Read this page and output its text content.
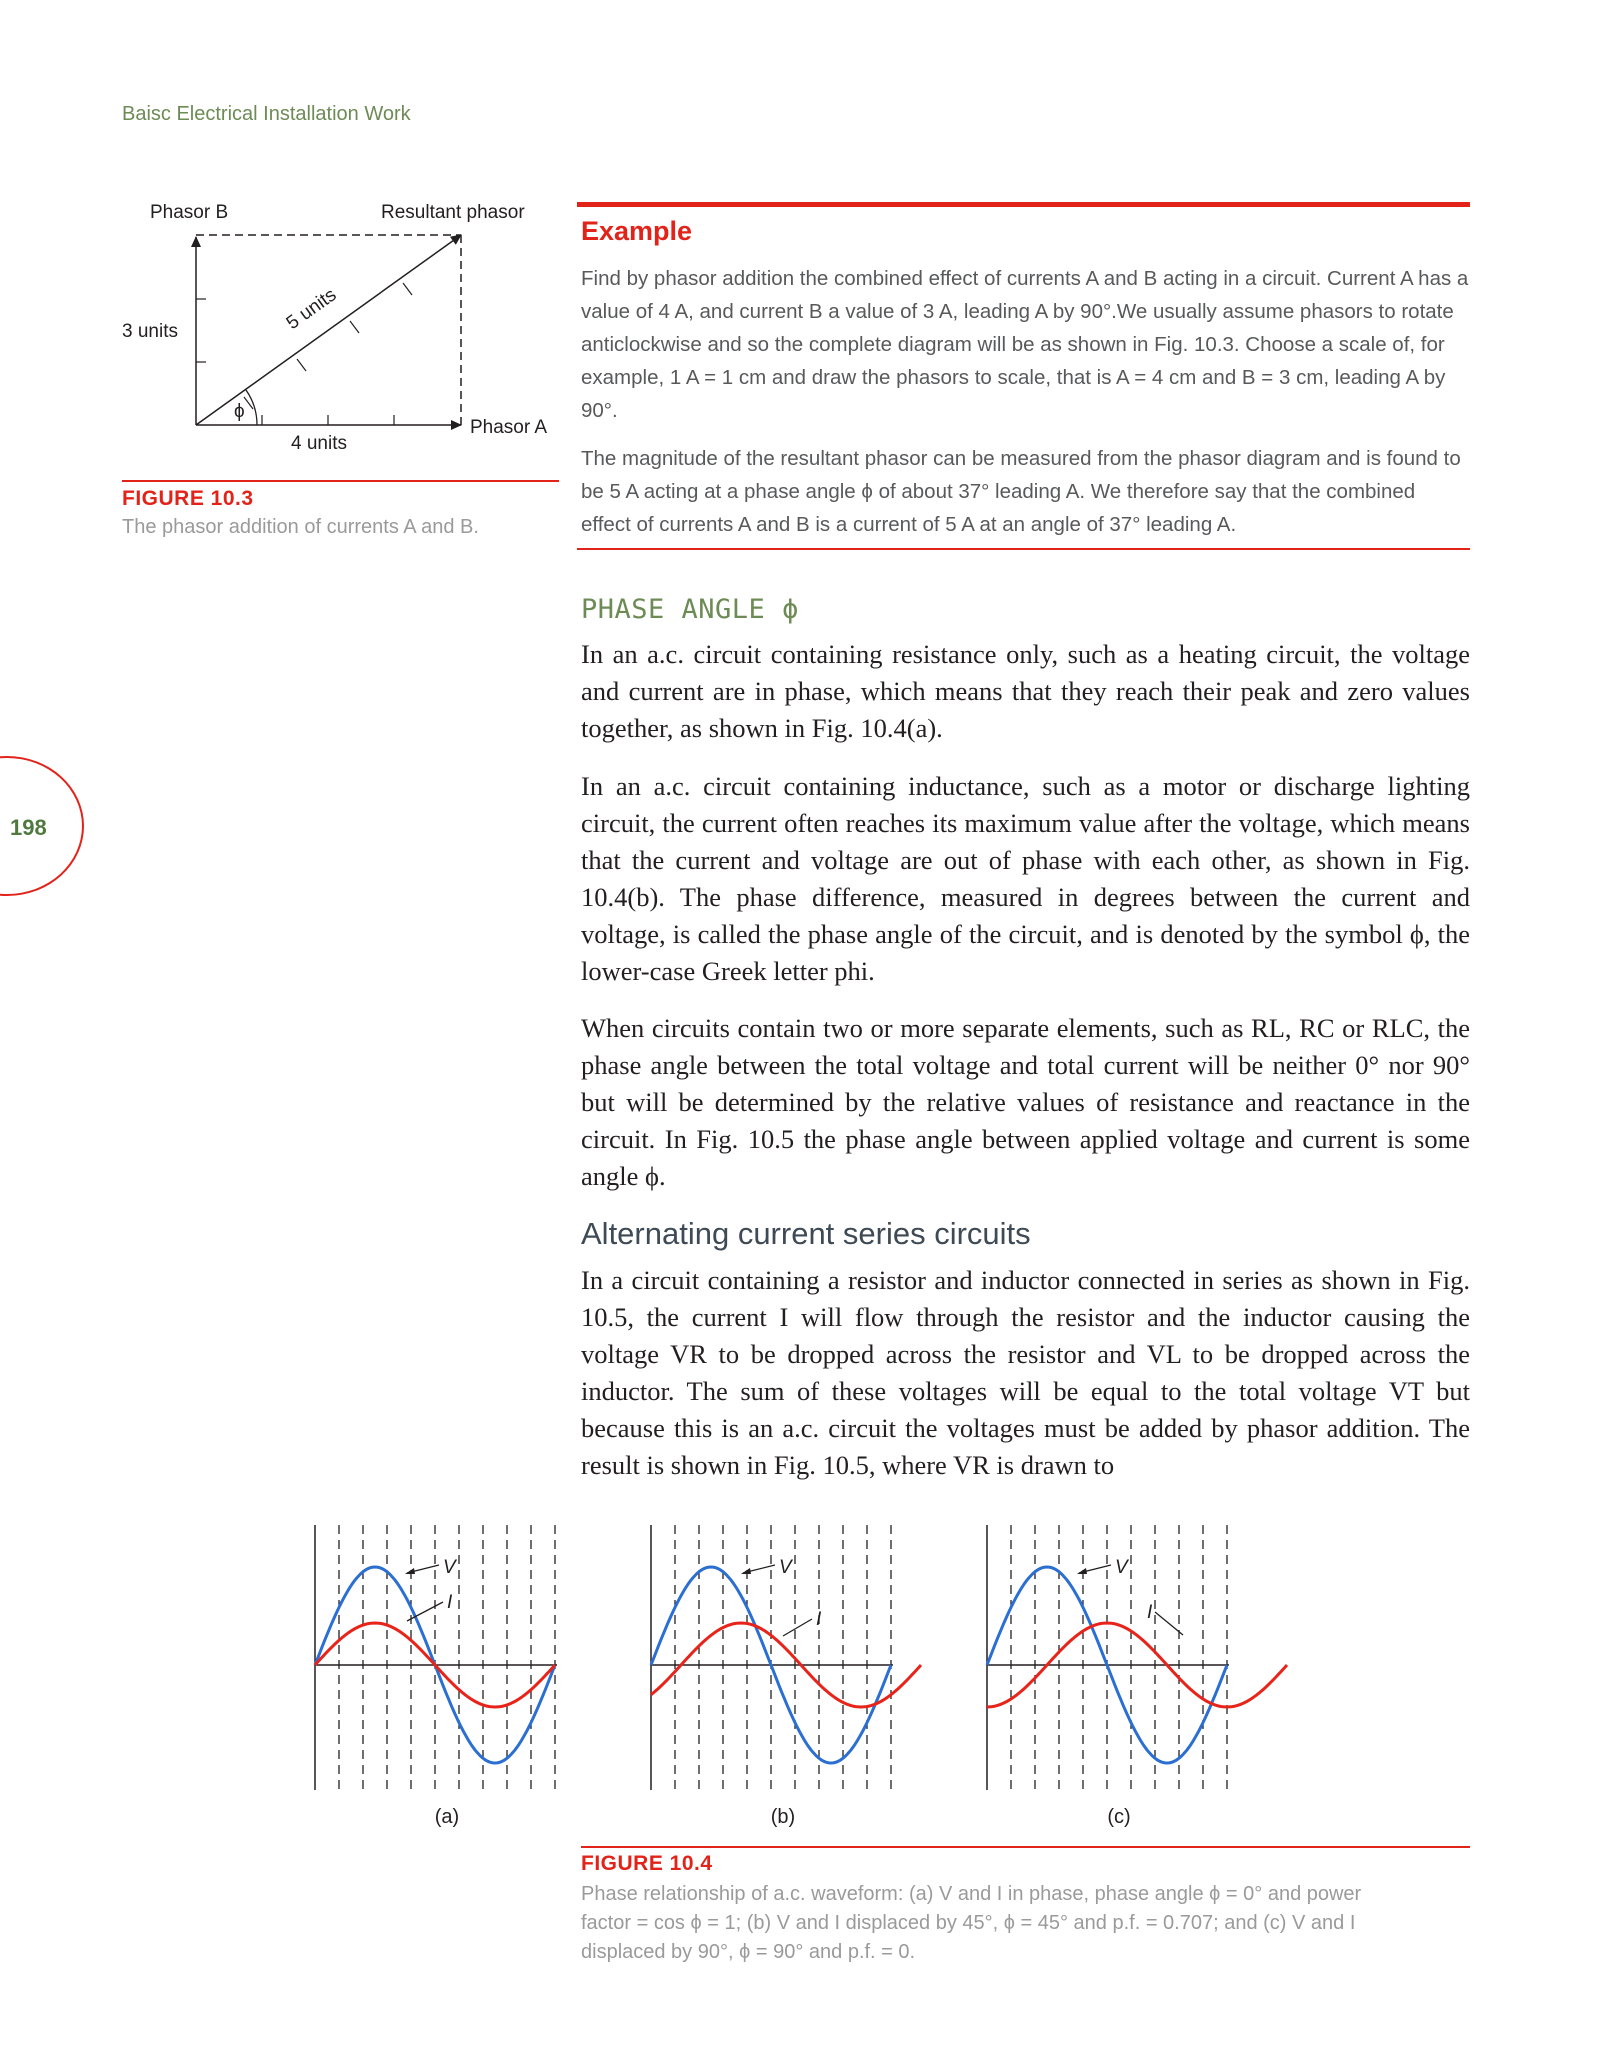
Baisc Electrical Installation Work
198
Phasor B	Resultant phasor
3 units
4 units
Phasor A
5 units
ϕ
FIGURE 10.3
The phasor addition of currents A and B.
Example
Find by phasor addition the combined effect of currents A and B acting in a circuit. Current A has a value of 4 A, and current B a value of 3 A, leading A by 90°.We usually assume phasors to rotate anticlockwise and so the complete diagram will be as shown in Fig. 10.3. Choose a scale of, for example, 1 A = 1 cm and draw the phasors to scale, that is A = 4 cm and B = 3 cm, leading A by 90°.
The magnitude of the resultant phasor can be measured from the phasor diagram and is found to be 5 A acting at a phase angle ϕ of about 37° leading A. We therefore say that the combined effect of currents A and B is a current of 5 A at an angle of 37° leading A.
PHASE ANGLE ϕ
In an a.c. circuit containing resistance only, such as a heating circuit, the voltage and current are in phase, which means that they reach their peak and zero values together, as shown in Fig. 10.4(a).
In an a.c. circuit containing inductance, such as a motor or discharge lighting circuit, the current often reaches its maximum value after the voltage, which means that the current and voltage are out of phase with each other, as shown in Fig. 10.4(b). The phase difference, measured in degrees between the current and voltage, is called the phase angle of the circuit, and is denoted by the symbol ϕ, the lower-case Greek letter phi.
When circuits contain two or more separate elements, such as RL, RC or RLC, the phase angle between the total voltage and total current will be neither 0° nor 90° but will be determined by the relative values of resistance and reactance in the circuit. In Fig. 10.5 the phase angle between applied voltage and current is some angle ϕ.
Alternating current series circuits
In a circuit containing a resistor and inductor connected in series as shown in Fig. 10.5, the current I will flow through the resistor and the inductor causing the voltage VR to be dropped across the resistor and VL to be dropped across the inductor. The sum of these voltages will be equal to the total voltage VT but because this is an a.c. circuit the voltages must be added by phasor addition. The result is shown in Fig. 10.5, where VR is drawn to
V
I
(a)
V
I
(b)
V
I
(c)
FIGURE 10.4
Phase relationship of a.c. waveform: (a) V and I in phase, phase angle ϕ = 0° and power factor = cos ϕ = 1; (b) V and I displaced by 45°, ϕ = 45° and p.f. = 0.707; and (c) V and I displaced by 90°, ϕ = 90° and p.f. = 0.
